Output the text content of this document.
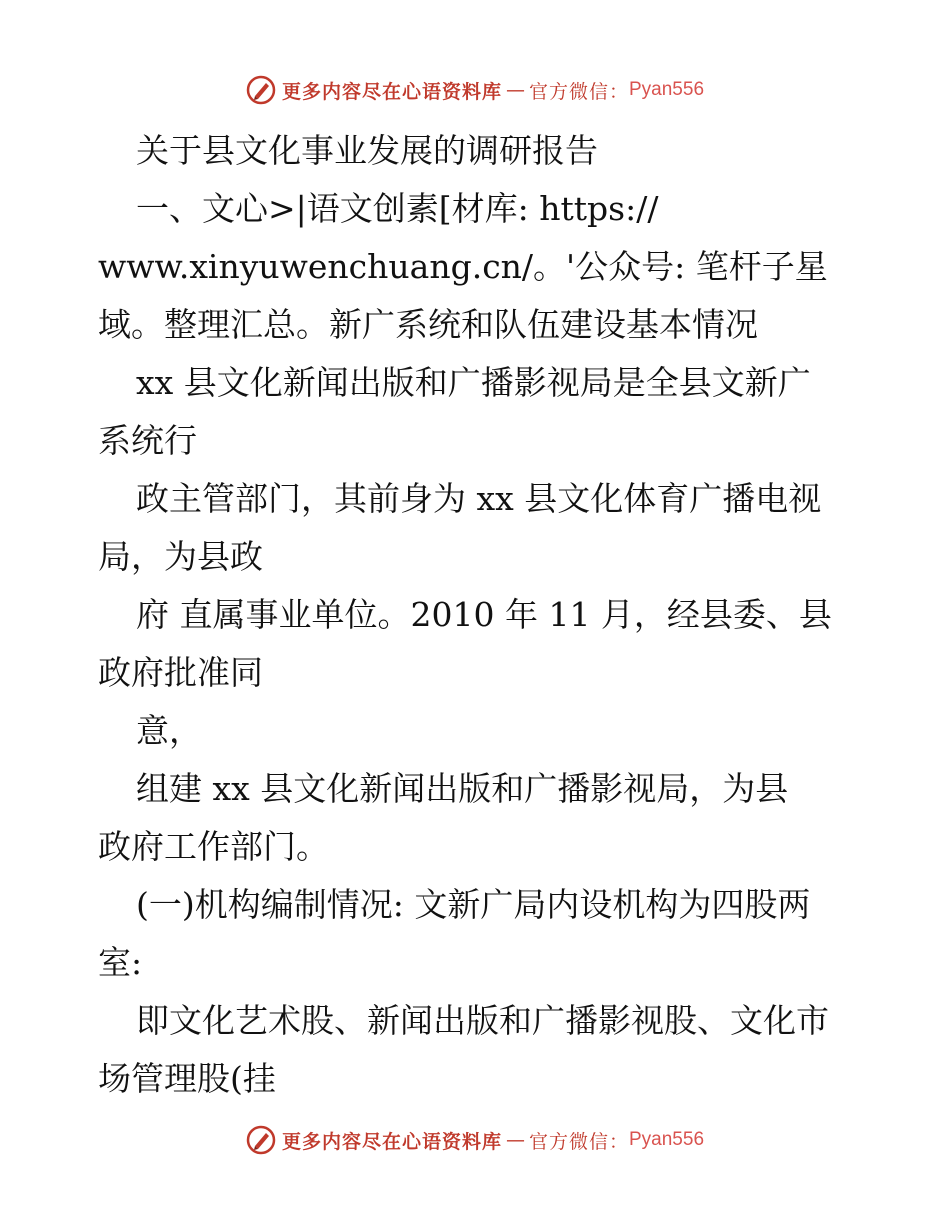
更多内容尽在心语资料库 — 官方微信： Pyan556

关于县文化事业发展的调研报告

一、文心>|语文创素[材库: https://

www.xinyuwenchuang.cn/。'公众号: 笔杆子星

域。整理汇总。新广系统和队伍建设基本情况

xx 县文化新闻出版和广播影视局是全县文新广

系统行

政主管部门，其前身为 xx 县文化体育广播电视

局，为县政

府 直属事业单位。2010 年 11 月，经县委、县

政府批准同

意，

组建 xx 县文化新闻出版和广播影视局，为县

政府工作部门。

(一)机构编制情况: 文新广局内设机构为四股两

室:

即文化艺术股、新闻出版和广播影视股、文化市

场管理股(挂

更多内容尽在心语资料库 — 官方微信： Pyan556
